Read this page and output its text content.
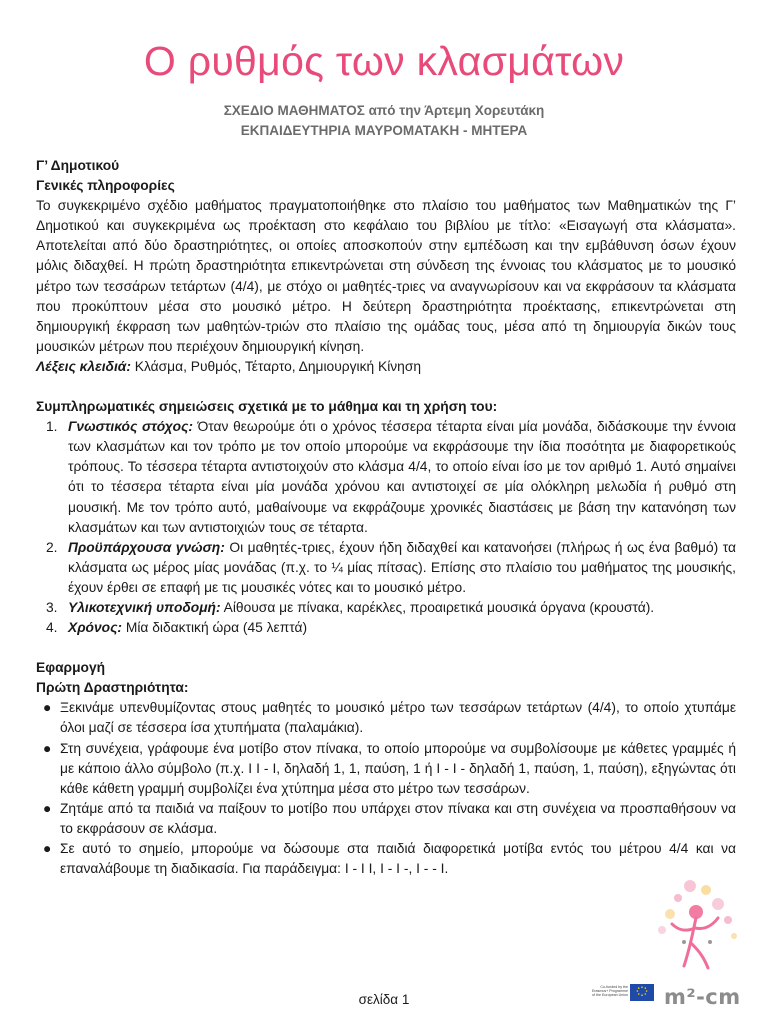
Ο ρυθμός των κλασμάτων
ΣΧΕΔΙΟ ΜΑΘΗΜΑΤΟΣ από την Άρτεμη Χορευτάκη
ΕΚΠΑΙΔΕΥΤΗΡΙΑ ΜΑΥΡΟΜΑΤΑΚΗ - ΜΗΤΕΡΑ
Γ’ Δημοτικού
Γενικές πληροφορίες

Το συγκεκριμένο σχέδιο μαθήματος πραγματοποιήθηκε στο πλαίσιο του μαθήματος των Μαθηματικών της Γ’ Δημοτικού και συγκεκριμένα ως προέκταση στο κεφάλαιο του βιβλίου με τίτλο: «Εισαγωγή στα κλάσματα». Αποτελείται από δύο δραστηριότητες, οι οποίες αποσκοπούν στην εμπέδωση και την εμβάθυνση όσων έχουν μόλις διδαχθεί. Η πρώτη δραστηριότητα επικεντρώνεται στη σύνδεση της έννοιας του κλάσματος με το μουσικό μέτρο των τεσσάρων τετάρτων (4/4), με στόχο οι μαθητές-τριες να αναγνωρίσουν και να εκφράσουν τα κλάσματα που προκύπτουν μέσα στο μουσικό μέτρο. Η δεύτερη δραστηριότητα προέκτασης, επικεντρώνεται στη δημιουργική έκφραση των μαθητών-τριών στο πλαίσιο της ομάδας τους, μέσα από τη δημιουργία δικών τους μουσικών μέτρων που περιέχουν δημιουργική κίνηση.

Λέξεις κλειδιά: Κλάσμα, Ρυθμός, Τέταρτο, Δημιουργική Κίνηση

Συμπληρωματικές σημειώσεις σχετικά με το μάθημα και τη χρήση του:
1. Γνωστικός στόχος: Όταν θεωρούμε ότι ο χρόνος τέσσερα τέταρτα είναι μία μονάδα, διδάσκουμε την έννοια των κλασμάτων και τον τρόπο με τον οποίο μπορούμε να εκφράσουμε την ίδια ποσότητα με διαφορετικούς τρόπους. Το τέσσερα τέταρτα αντιστοιχούν στο κλάσμα 4/4, το οποίο είναι ίσο με τον αριθμό 1. Αυτό σημαίνει ότι το τέσσερα τέταρτα είναι μία μονάδα χρόνου και αντιστοιχεί σε μία ολόκληρη μελωδία ή ρυθμό στη μουσική. Με τον τρόπο αυτό, μαθαίνουμε να εκφράζουμε χρονικές διαστάσεις με βάση την κατανόηση των κλασμάτων και των αντιστοιχιών τους σε τέταρτα.
2. Προϋπάρχουσα γνώση: Οι μαθητές-τριες, έχουν ήδη διδαχθεί και κατανοήσει (πλήρως ή ως ένα βαθμό) τα κλάσματα ως μέρος μίας μονάδας (π.χ. το ¼ μίας πίτσας). Επίσης στο πλαίσιο του μαθήματος της μουσικής, έχουν έρθει σε επαφή με τις μουσικές νότες και το μουσικό μέτρο.
3. Υλικοτεχνική υποδομή: Αίθουσα με πίνακα, καρέκλες, προαιρετικά μουσικά όργανα (κρουστά).
4. Χρόνος: Μία διδακτική ώρα (45 λεπτά)
Εφαρμογή
Πρώτη Δραστηριότητα:
● Ξεκινάμε υπενθυμίζοντας στους μαθητές το μουσικό μέτρο των τεσσάρων τετάρτων (4/4), το οποίο χτυπάμε όλοι μαζί σε τέσσερα ίσα χτυπήματα (παλαμάκια).
● Στη συνέχεια, γράφουμε ένα μοτίβο στον πίνακα, το οποίο μπορούμε να συμβολίσουμε με κάθετες γραμμές ή με κάποιο άλλο σύμβολο (π.χ. I I - I, δηλαδή 1, 1, παύση, 1 ή I - I - δηλαδή 1, παύση, 1, παύση), εξηγώντας ότι κάθε κάθετη γραμμή συμβολίζει ένα χτύπημα μέσα στο μέτρο των τεσσάρων.
● Ζητάμε από τα παιδιά να παίξουν το μοτίβο που υπάρχει στον πίνακα και στη συνέχεια να προσπαθήσουν να το εκφράσουν σε κλάσμα.
● Σε αυτό το σημείο, μπορούμε να δώσουμε στα παιδιά διαφορετικά μοτίβα εντός του μέτρου 4/4 και να επαναλάβουμε τη διαδικασία. Για παράδειγμα: I - I I, I - I -, I - - I.
σελίδα 1
Co-funded by the
Erasmus+ Programme
of the European Union m²-cm
